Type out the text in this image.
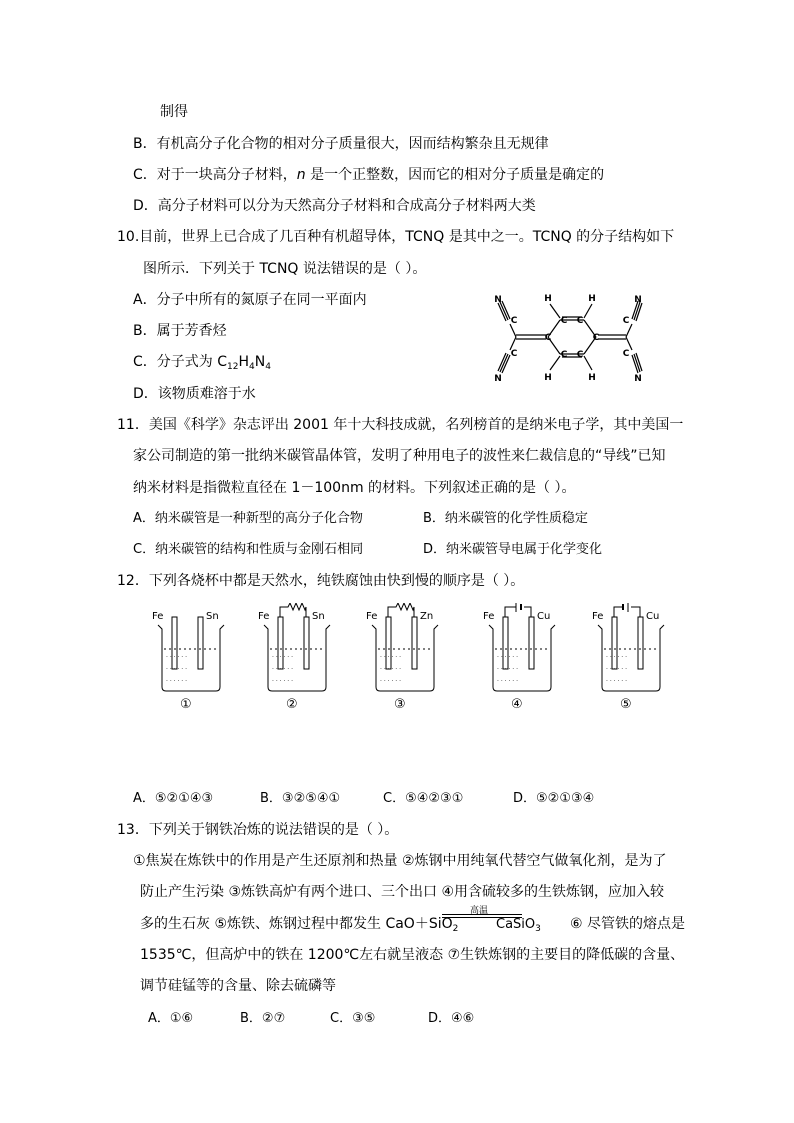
制得
B．有机高分子化合物的相对分子质量很大，因而结构繁杂且无规律
C．对于一块高分子材料，n 是一个正整数，因而它的相对分子质量是确定的
D．高分子材料可以分为天然高分子材料和合成高分子材料两大类
10.目前，世界上已合成了几百种有机超导体，TCNQ 是其中之一。TCNQ 的分子结构如下
图所示．下列关于 TCNQ 说法错误的是（ ）。
A．分子中所有的氮原子在同一平面内
B．属于芳香烃
C．分子式为 $C_{12}H_4N_4$
D．该物质难溶于水
N
N
N
N
H	H
H	H
C	C
C C
C C
C
C
C
C
11．美国《科学》杂志评出 2001 年十大科技成就，名列榜首的是纳米电子学，其中美国一
家公司制造的第一批纳米碳管晶体管，发明了种用电子的波性来仁裁信息的“导线”已知
纳米材料是指微粒直径在 1－100nm 的材料。下列叙述正确的是（ ）。
A．纳米碳管是一种新型的高分子化合物	B．纳米碳管的化学性质稳定
C．纳米碳管的结构和性质与金刚石相同	D．纳米碳管导电属于化学变化
12．下列各烧杯中都是天然水，纯铁腐蚀由快到慢的顺序是（ ）。
Fe	Sn
· · · · · ·
· · · · · ·
· · · · · ·
①
Fe	Sn
· · · · · ·
· · · · · ·
· · · · · ·
②
Fe	Zn
· · · · · ·
· · · · · ·
· · · · · ·
③
Fe	Cu
· · · · · ·
· · · · · ·
· · · · · ·
④
Fe	Cu
· · · · · ·
· · · · · ·
· · · · · ·
⑤
A．⑤②①④③	B．③②⑤④①	C．⑤④②③①	D．⑤②①③④
13．下列关于钢铁冶炼的说法错误的是（ ）。
①焦炭在炼铁中的作用是产生还原剂和热量 ②炼钢中用纯氧代替空气做氧化剂，是为了
防止产生污染 ③炼铁高炉有两个进口、三个出口 ④用含硫较多的生铁炼钢，应加入较
多的生石灰 ⑤炼铁、炼钢过程中都发生 CaO＋SiO$_2$
高温
CaSiO$_3$ ⑥ 尽管铁的熔点是
1535℃，但高炉中的铁在 1200℃左右就呈液态 ⑦生铁炼钢的主要目的降低碳的含量、
调节硅锰等的含量、除去硫磷等
A．①⑥	B．②⑦	C．③⑤	D．④⑥
